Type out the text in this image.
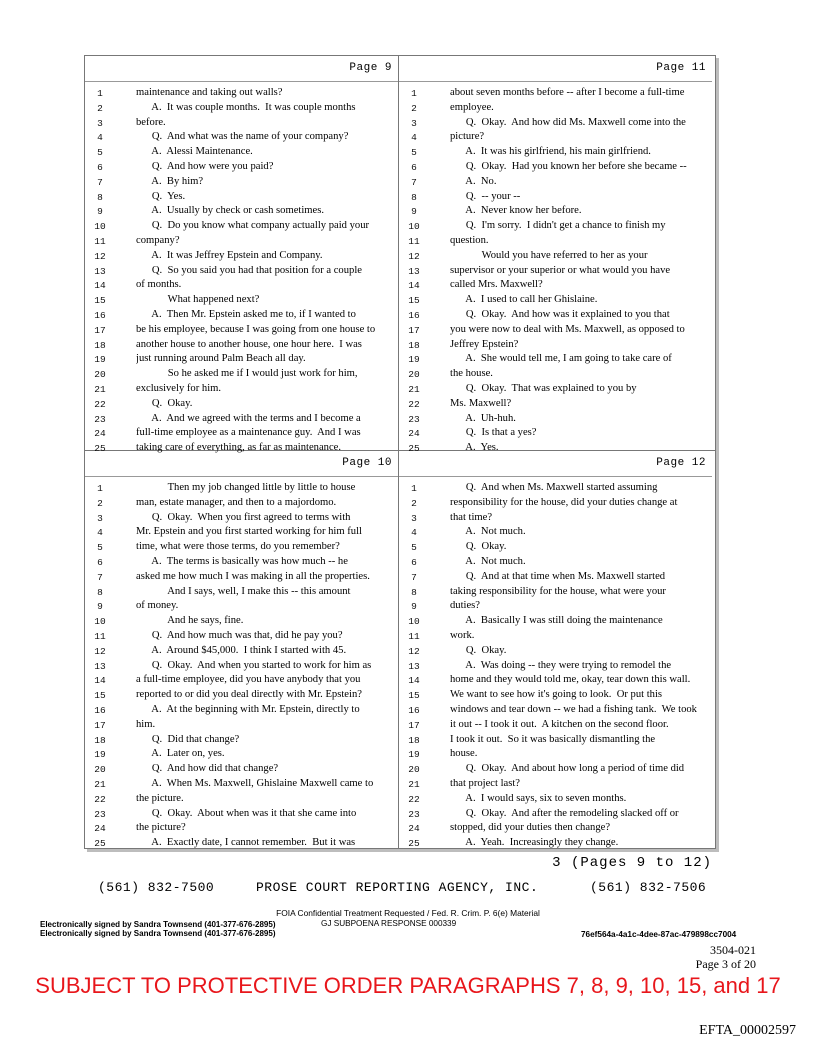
Page 9
1	maintenance and taking out walls?
2	A.  It was couple months.  It was couple months
3	before.
4	Q.  And what was the name of your company?
5	A.  Alessi Maintenance.
6	Q.  And how were you paid?
7	A.  By him?
8	Q.  Yes.
9	A.  Usually by check or cash sometimes.
10	Q.  Do you know what company actually paid your
11	company?
12	A.  It was Jeffrey Epstein and Company.
13	Q.  So you said you had that position for a couple
14	of months.
15	What happened next?
16	A.  Then Mr. Epstein asked me to, if I wanted to
17	be his employee, because I was going from one house to
18	another house to another house, one hour here.  I was
19	just running around Palm Beach all day.
20	So he asked me if I would just work for him,
21	exclusively for him.
22	Q.  Okay.
23	A.  And we agreed with the terms and I become a
24	full-time employee as a maintenance guy.  And I was
25	taking care of everything, as far as maintenance.
Page 11
1	about seven months before -- after I become a full-time
2	employee.
3	Q.  Okay.  And how did Ms. Maxwell come into the
4	picture?
5	A.  It was his girlfriend, his main girlfriend.
6	Q.  Okay.  Had you known her before she became --
7	A.  No.
8	Q.  -- your --
9	A.  Never know her before.
10	Q.  I'm sorry.  I didn't get a chance to finish my
11	question.
12	Would you have referred to her as your
13	supervisor or your superior or what would you have
14	called Mrs. Maxwell?
15	A.  I used to call her Ghislaine.
16	Q.  Okay.  And how was it explained to you that
17	you were now to deal with Ms. Maxwell, as opposed to
18	Jeffrey Epstein?
19	A.  She would tell me, I am going to take care of
20	the house.
21	Q.  Okay.  That was explained to you by
22	Ms. Maxwell?
23	A.  Uh-huh.
24	Q.  Is that a yes?
25	A.  Yes.
Page 10
1	Then my job changed little by little to house
2	man, estate manager, and then to a majordomo.
3	Q.  Okay.  When you first agreed to terms with
4	Mr. Epstein and you first started working for him full
5	time, what were those terms, do you remember?
6	A.  The terms is basically was how much -- he
7	asked me how much I was making in all the properties.
8	And I says, well, I make this -- this amount
9	of money.
10	And he says, fine.
11	Q.  And how much was that, did he pay you?
12	A.  Around $45,000.  I think I started with 45.
13	Q.  Okay.  And when you started to work for him as
14	a full-time employee, did you have anybody that you
15	reported to or did you deal directly with Mr. Epstein?
16	A.  At the beginning with Mr. Epstein, directly to
17	him.
18	Q.  Did that change?
19	A.  Later on, yes.
20	Q.  And how did that change?
21	A.  When Ms. Maxwell, Ghislaine Maxwell came to
22	the picture.
23	Q.  Okay.  About when was it that she came into
24	the picture?
25	A.  Exactly date, I cannot remember.  But it was
Page 12
1	Q.  And when Ms. Maxwell started assuming
2	responsibility for the house, did your duties change at
3	that time?
4	A.  Not much.
5	Q.  Okay.
6	A.  Not much.
7	Q.  And at that time when Ms. Maxwell started
8	taking responsibility for the house, what were your
9	duties?
10	A.  Basically I was still doing the maintenance
11	work.
12	Q.  Okay.
13	A.  Was doing -- they were trying to remodel the
14	home and they would told me, okay, tear down this wall.
15	We want to see how it's going to look.  Or put this
16	windows and tear down -- we had a fishing tank.  We took
17	it out -- I took it out.  A kitchen on the second floor.
18	I took it out.  So it was basically dismantling the
19	house.
20	Q.  Okay.  And about how long a period of time did
21	that project last?
22	A.  I would says, six to seven months.
23	Q.  Okay.  And after the remodeling slacked off or
24	stopped, did your duties then change?
25	A.  Yeah.  Increasingly they change.
3 (Pages 9 to 12)
(561) 832-7500	PROSE COURT REPORTING AGENCY, INC.	(561) 832-7506
FOIA Confidential Treatment Requested / Fed. R. Crim. P. 6(e) Material
Electronically signed by Sandra Townsend (401-377-676-2895)	GJ SUBPOENA RESPONSE 000339
Electronically signed by Sandra Townsend (401-377-676-2895)	76ef564a-4a1c-4dee-87ac-479898cc7004
3504-021
Page 3 of 20
SUBJECT TO PROTECTIVE ORDER PARAGRAPHS 7, 8, 9, 10, 15, and 17
EFTA_00002597
